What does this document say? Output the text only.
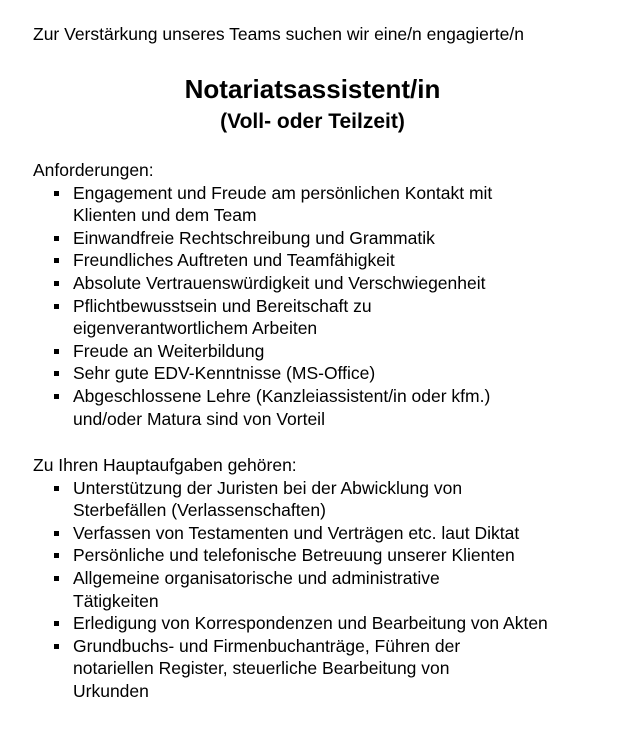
Zur Verstärkung unseres Teams suchen wir eine/n engagierte/n
Notariatsassistent/in
(Voll- oder Teilzeit)

Anforderungen:

Engagement und Freude am persönlichen Kontakt mit Klienten und dem Team
Einwandfreie Rechtschreibung und Grammatik
Freundliches Auftreten und Teamfähigkeit
Absolute Vertrauenswürdigkeit und Verschwiegenheit
Pflichtbewusstsein und Bereitschaft zu eigenverantwortlichem Arbeiten
Freude an Weiterbildung
Sehr gute EDV-Kenntnisse (MS-Office)
Abgeschlossene Lehre (Kanzleiassistent/in oder kfm.) und/oder Matura sind von Vorteil

Zu Ihren Hauptaufgaben gehören:

Unterstützung der Juristen bei der Abwicklung von Sterbefällen (Verlassenschaften)
Verfassen von Testamenten und Verträgen etc. laut Diktat
Persönliche und telefonische Betreuung unserer Klienten
Allgemeine organisatorische und administrative Tätigkeiten
Erledigung von Korrespondenzen und Bearbeitung von Akten
Grundbuchs- und Firmenbuchanträge, Führen der notariellen Register, steuerliche Bearbeitung von Urkunden
